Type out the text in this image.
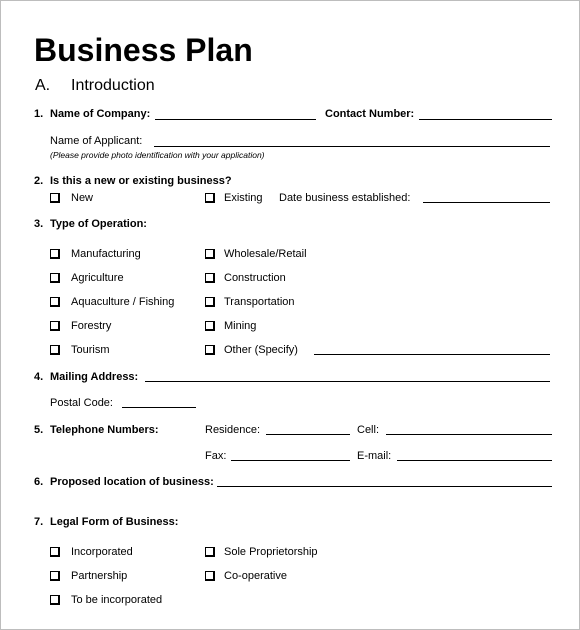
Business Plan
A. Introduction
1. Name of Company:	Contact Number:
Name of Applicant:
(Please provide photo identification with your application)
2. Is this a new or existing business?
New	Existing Date business established:
3. Type of Operation:
Manufacturing	Wholesale/Retail
Agriculture	Construction
Aquaculture / Fishing	Transportation
Forestry	Mining
Tourism	Other (Specify)
4. Mailing Address:
Postal Code:
5. Telephone Numbers:	Residence:	Cell:
Fax:	E-mail:
6. Proposed location of business:
7. Legal Form of Business:
Incorporated	Sole Proprietorship
Partnership	Co-operative
To be incorporated
